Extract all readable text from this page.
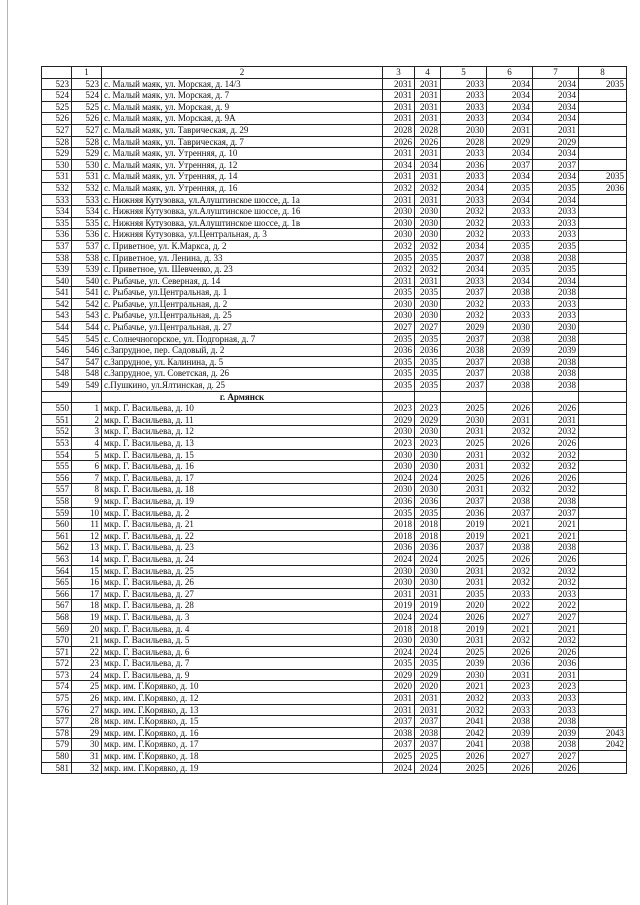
	1	2	3	4	5	6	7	8
523	523	с. Малый маяк, ул. Морская, д. 14/3	2031	2031	2033	2034	2034	2035
524	524	с. Малый маяк, ул. Морская, д. 7	2031	2031	2033	2034	2034	
525	525	с. Малый маяк, ул. Морская, д. 9	2031	2031	2033	2034	2034	
526	526	с. Малый маяк, ул. Морская, д. 9А	2031	2031	2033	2034	2034	
527	527	с. Малый маяк, ул. Таврическая, д. 29	2028	2028	2030	2031	2031	
528	528	с. Малый маяк, ул. Таврическая, д. 7	2026	2026	2028	2029	2029	
529	529	с. Малый маяк, ул. Утренняя, д. 10	2031	2031	2033	2034	2034	
530	530	с. Малый маяк, ул. Утренняя, д. 12	2034	2034	2036	2037	2037	
531	531	с. Малый маяк, ул. Утренняя, д. 14	2031	2031	2033	2034	2034	2035
532	532	с. Малый маяк, ул. Утренняя, д. 16	2032	2032	2034	2035	2035	2036
533	533	с. Нижняя Кутузовка, ул.Алуштинское шоссе, д. 1а	2031	2031	2033	2034	2034	
534	534	с. Нижняя Кутузовка, ул.Алуштинское шоссе, д. 16	2030	2030	2032	2033	2033	
535	535	с. Нижняя Кутузовка, ул.Алуштинское шоссе, д. 1в	2030	2030	2032	2033	2033	
536	536	с. Нижняя Кутузовка, ул.Центральная, д. 3	2030	2030	2032	2033	2033	
537	537	с. Приветное, ул. К.Маркса, д. 2	2032	2032	2034	2035	2035	
538	538	с. Приветное, ул. Ленина, д. 33	2035	2035	2037	2038	2038	
539	539	с. Приветное, ул. Шевченко, д. 23	2032	2032	2034	2035	2035	
540	540	с. Рыбачье, ул. Северная, д. 14	2031	2031	2033	2034	2034	
541	541	с. Рыбачье, ул.Центральная, д. 1	2035	2035	2037	2038	2038	
542	542	с. Рыбачье, ул.Центральная, д. 2	2030	2030	2032	2033	2033	
543	543	с. Рыбачье, ул.Центральная, д. 25	2030	2030	2032	2033	2033	
544	544	с. Рыбачье, ул.Центральная, д. 27	2027	2027	2029	2030	2030	
545	545	с. Солнечногорское, ул. Подгорная, д. 7	2035	2035	2037	2038	2038	
546	546	с.Запрудное, пер. Садовый, д. 2	2036	2036	2038	2039	2039	
547	547	с.Запрудное, ул. Калинина, д. 5	2035	2035	2037	2038	2038	
548	548	с.Запрудное, ул. Советская, д. 26	2035	2035	2037	2038	2038	
549	549	с.Пушкино, ул.Ялтинская, д. 25	2035	2035	2037	2038	2038	
		г. Армянск						
550	1	мкр. Г. Васильева, д. 10	2023	2023	2025	2026	2026	
551	2	мкр. Г. Васильева, д. 11	2029	2029	2030	2031	2031	
552	3	мкр. Г. Васильева, д. 12	2030	2030	2031	2032	2032	
553	4	мкр. Г. Васильева, д. 13	2023	2023	2025	2026	2026	
554	5	мкр. Г. Васильева, д. 15	2030	2030	2031	2032	2032	
555	6	мкр. Г. Васильева, д. 16	2030	2030	2031	2032	2032	
556	7	мкр. Г. Васильева, д. 17	2024	2024	2025	2026	2026	
557	8	мкр. Г. Васильева, д. 18	2030	2030	2031	2032	2032	
558	9	мкр. Г. Васильева, д. 19	2036	2036	2037	2038	2038	
559	10	мкр. Г. Васильева, д. 2	2035	2035	2036	2037	2037	
560	11	мкр. Г. Васильева, д. 21	2018	2018	2019	2021	2021	
561	12	мкр. Г. Васильева, д. 22	2018	2018	2019	2021	2021	
562	13	мкр. Г. Васильева, д. 23	2036	2036	2037	2038	2038	
563	14	мкр. Г. Васильева, д. 24	2024	2024	2025	2026	2026	
564	15	мкр. Г. Васильева, д. 25	2030	2030	2031	2032	2032	
565	16	мкр. Г. Васильева, д. 26	2030	2030	2031	2032	2032	
566	17	мкр. Г. Васильева, д. 27	2031	2031	2035	2033	2033	
567	18	мкр. Г. Васильева, д. 28	2019	2019	2020	2022	2022	
568	19	мкр. Г. Васильева, д. 3	2024	2024	2026	2027	2027	
569	20	мкр. Г. Васильева, д. 4	2018	2018	2019	2021	2021	
570	21	мкр. Г. Васильева, д. 5	2030	2030	2031	2032	2032	
571	22	мкр. Г. Васильева, д. 6	2024	2024	2025	2026	2026	
572	23	мкр. Г. Васильева, д. 7	2035	2035	2039	2036	2036	
573	24	мкр. Г. Васильева, д. 9	2029	2029	2030	2031	2031	
574	25	мкр. им. Г.Корявко, д. 10	2020	2020	2021	2023	2023	
575	26	мкр. им. Г.Корявко, д. 12	2031	2031	2032	2033	2033	
576	27	мкр. им. Г.Корявко, д. 13	2031	2031	2032	2033	2033	
577	28	мкр. им. Г.Корявко, д. 15	2037	2037	2041	2038	2038	
578	29	мкр. им. Г.Корявко, д. 16	2038	2038	2042	2039	2039	2043
579	30	мкр. им. Г.Корявко, д. 17	2037	2037	2041	2038	2038	2042
580	31	мкр. им. Г.Корявко, д. 18	2025	2025	2026	2027	2027	
581	32	мкр. им. Г.Корявко, д. 19	2024	2024	2025	2026	2026	
